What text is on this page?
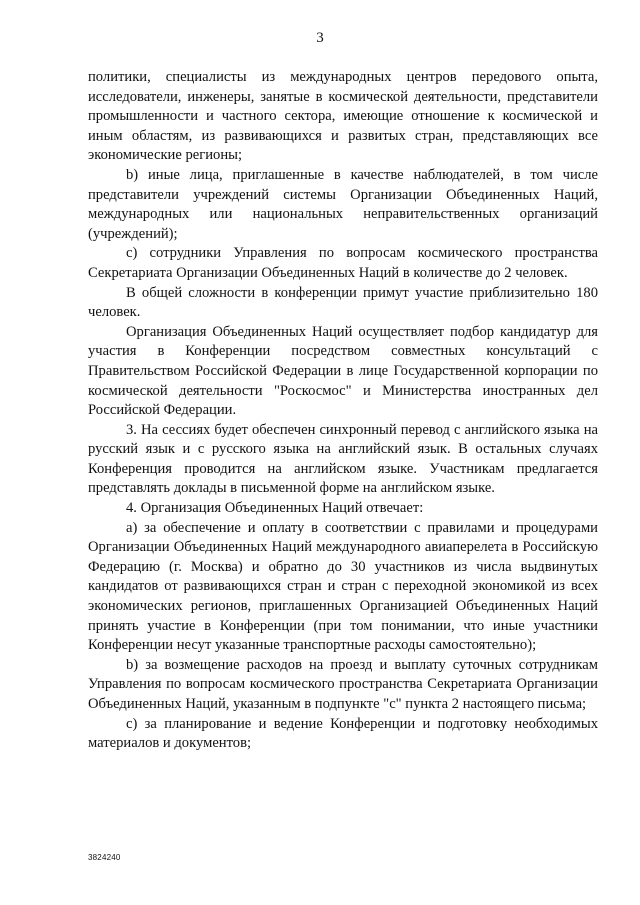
3

политики, специалисты из международных центров передового опыта, исследователи, инженеры, занятые в космической деятельности, представители промышленности и частного сектора, имеющие отношение к космической и иным областям, из развивающихся и развитых стран, представляющих все экономические регионы;

b) иные лица, приглашенные в качестве наблюдателей, в том числе представители учреждений системы Организации Объединенных Наций, международных или национальных неправительственных организаций (учреждений);

c) сотрудники Управления по вопросам космического пространства Секретариата Организации Объединенных Наций в количестве до 2 человек.

В общей сложности в конференции примут участие приблизительно 180 человек.

Организация Объединенных Наций осуществляет подбор кандидатур для участия в Конференции посредством совместных консультаций с Правительством Российской Федерации в лице Государственной корпорации по космической деятельности "Роскосмос" и Министерства иностранных дел Российской Федерации.

3. На сессиях будет обеспечен синхронный перевод с английского языка на русский язык и с русского языка на английский язык. В остальных случаях Конференция проводится на английском языке. Участникам предлагается представлять доклады в письменной форме на английском языке.

4. Организация Объединенных Наций отвечает:

a) за обеспечение и оплату в соответствии с правилами и процедурами Организации Объединенных Наций международного авиаперелета в Российскую Федерацию (г. Москва) и обратно до 30 участников из числа выдвинутых кандидатов от развивающихся стран и стран с переходной экономикой из всех экономических регионов, приглашенных Организацией Объединенных Наций принять участие в Конференции (при том понимании, что иные участники Конференции несут указанные транспортные расходы самостоятельно);

b) за возмещение расходов на проезд и выплату суточных сотрудникам Управления по вопросам космического пространства Секретариата Организации Объединенных Наций, указанным в подпункте "c" пункта 2 настоящего письма;

c) за планирование и ведение Конференции и подготовку необходимых материалов и документов;

3824240
